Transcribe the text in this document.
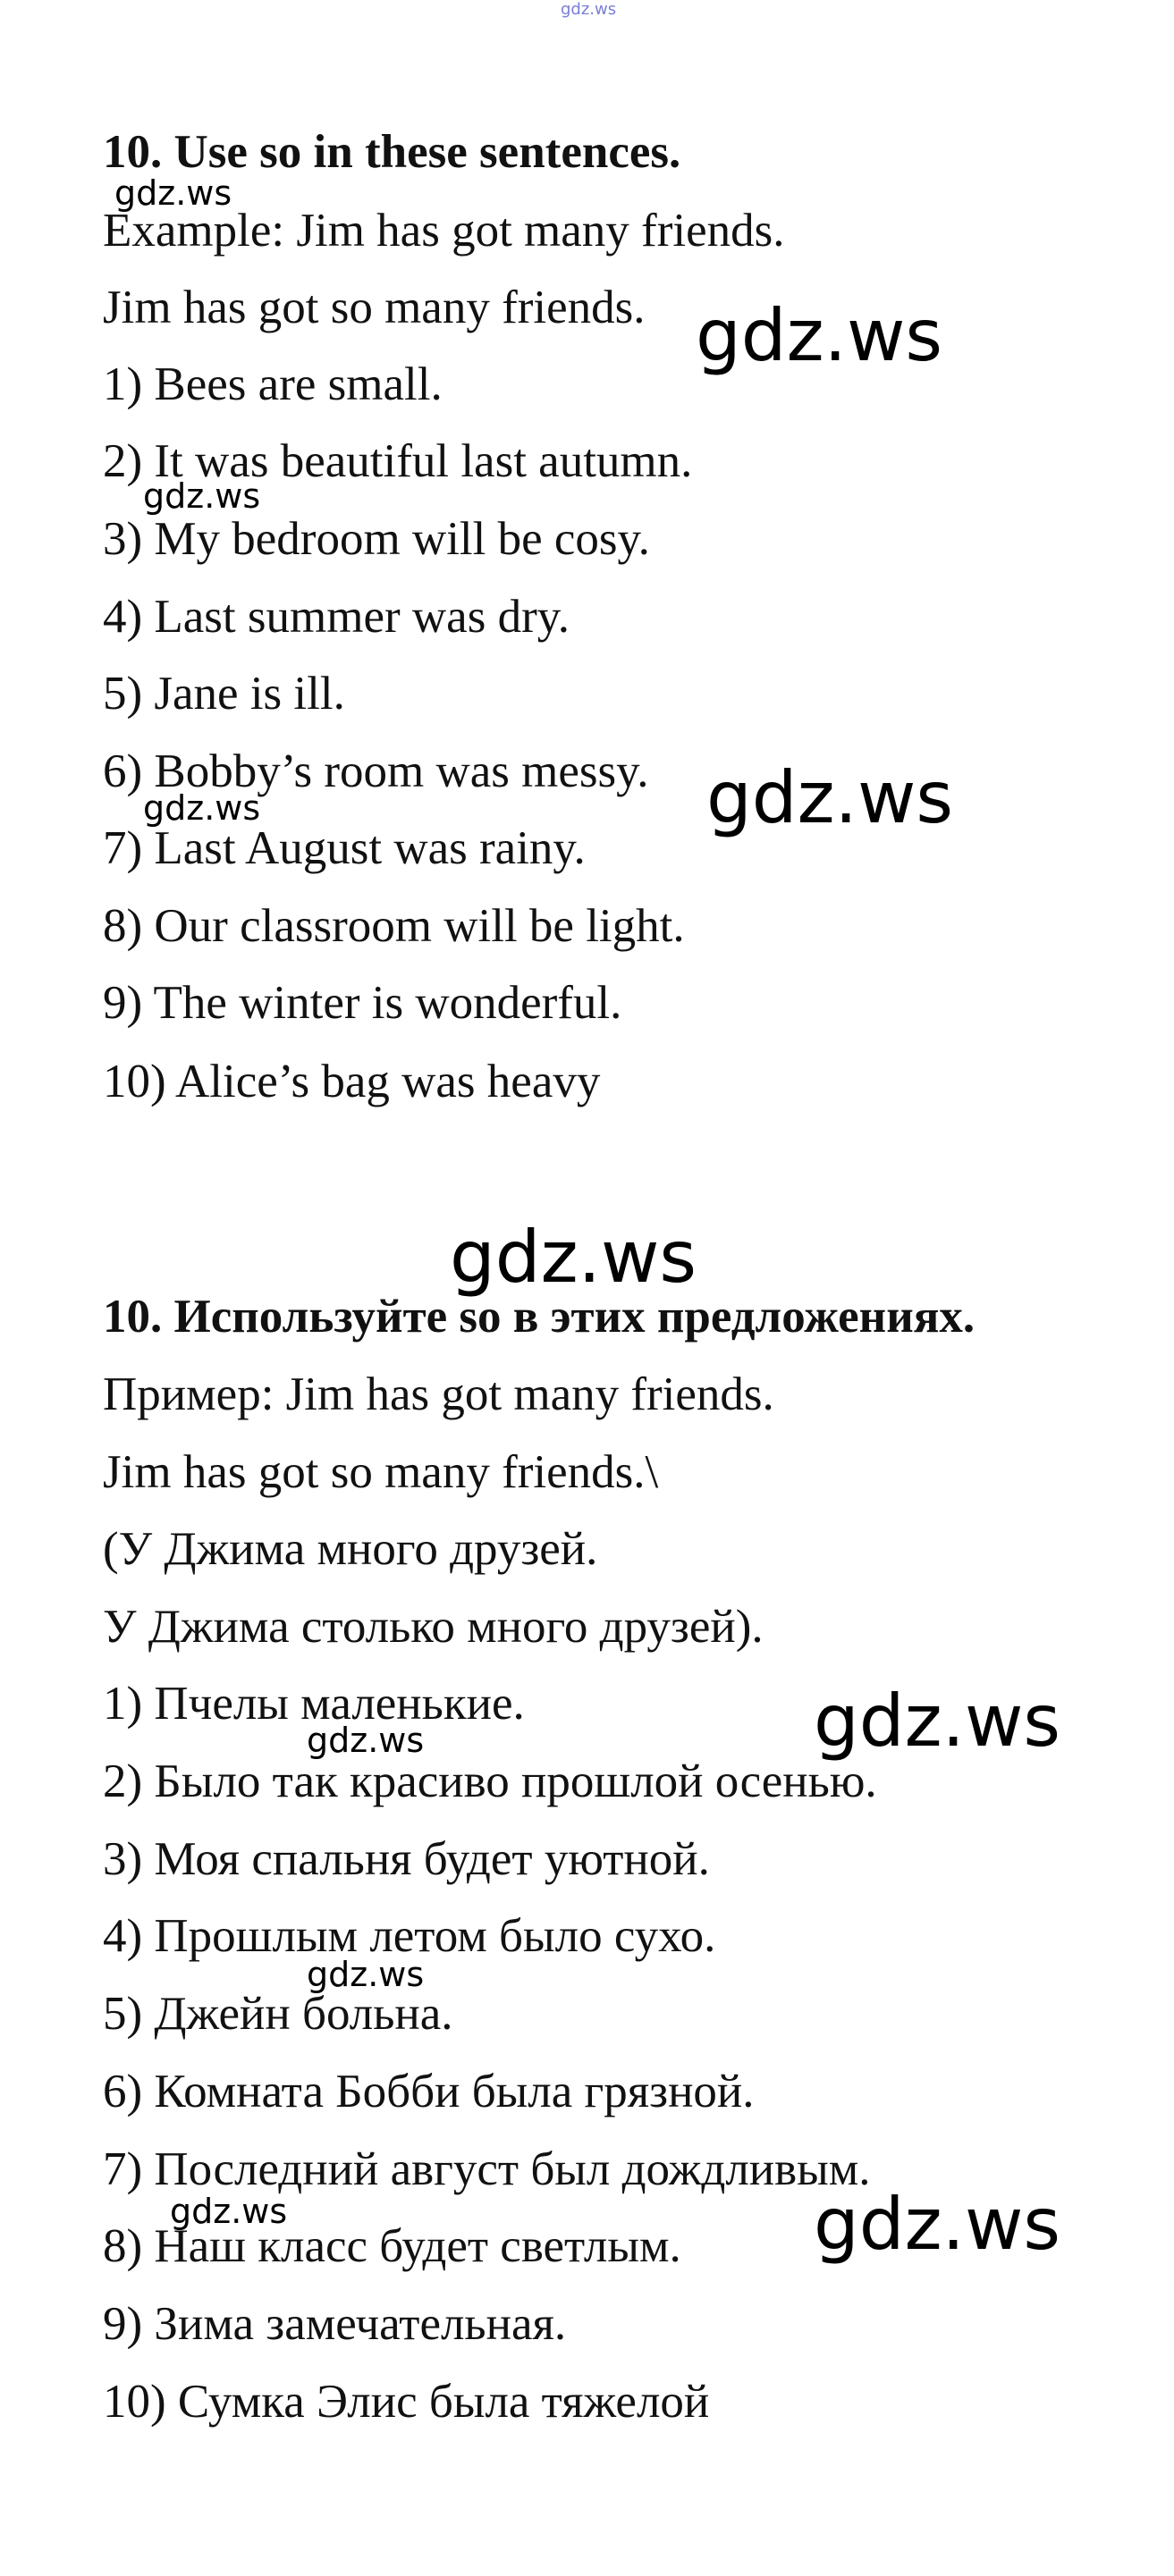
gdz.ws
10. Use so in these sentences.
Example: Jim has got many friends.
Jim has got so many friends.
1) Bees are small.
2) It was beautiful last autumn.
3) My bedroom will be cosy.
4) Last summer was dry.
5) Jane is ill.
6) Bobby’s room was messy.
7) Last August was rainy.
8) Our classroom will be light.
9) The winter is wonderful.
10) Alice’s bag was heavy
10. Используйте so в этих предложениях.
Пример: Jim has got many friends.
Jim has got so many friends.\
(У Джима много друзей.
У Джима столько много друзей).
1) Пчелы маленькие.
2) Было так красиво прошлой осенью.
3) Моя спальня будет уютной.
4) Прошлым летом было сухо.
5) Джейн больна.
6) Комната Бобби была грязной.
7) Последний август был дождливым.
8) Наш класс будет светлым.
9) Зима замечательная.
10) Сумка Элис была тяжелой
gdz.ws
gdz.ws
gdz.ws
gdz.ws
gdz.ws
gdz.ws
gdz.ws
gdz.ws
gdz.ws
gdz.ws	gdz.ws
